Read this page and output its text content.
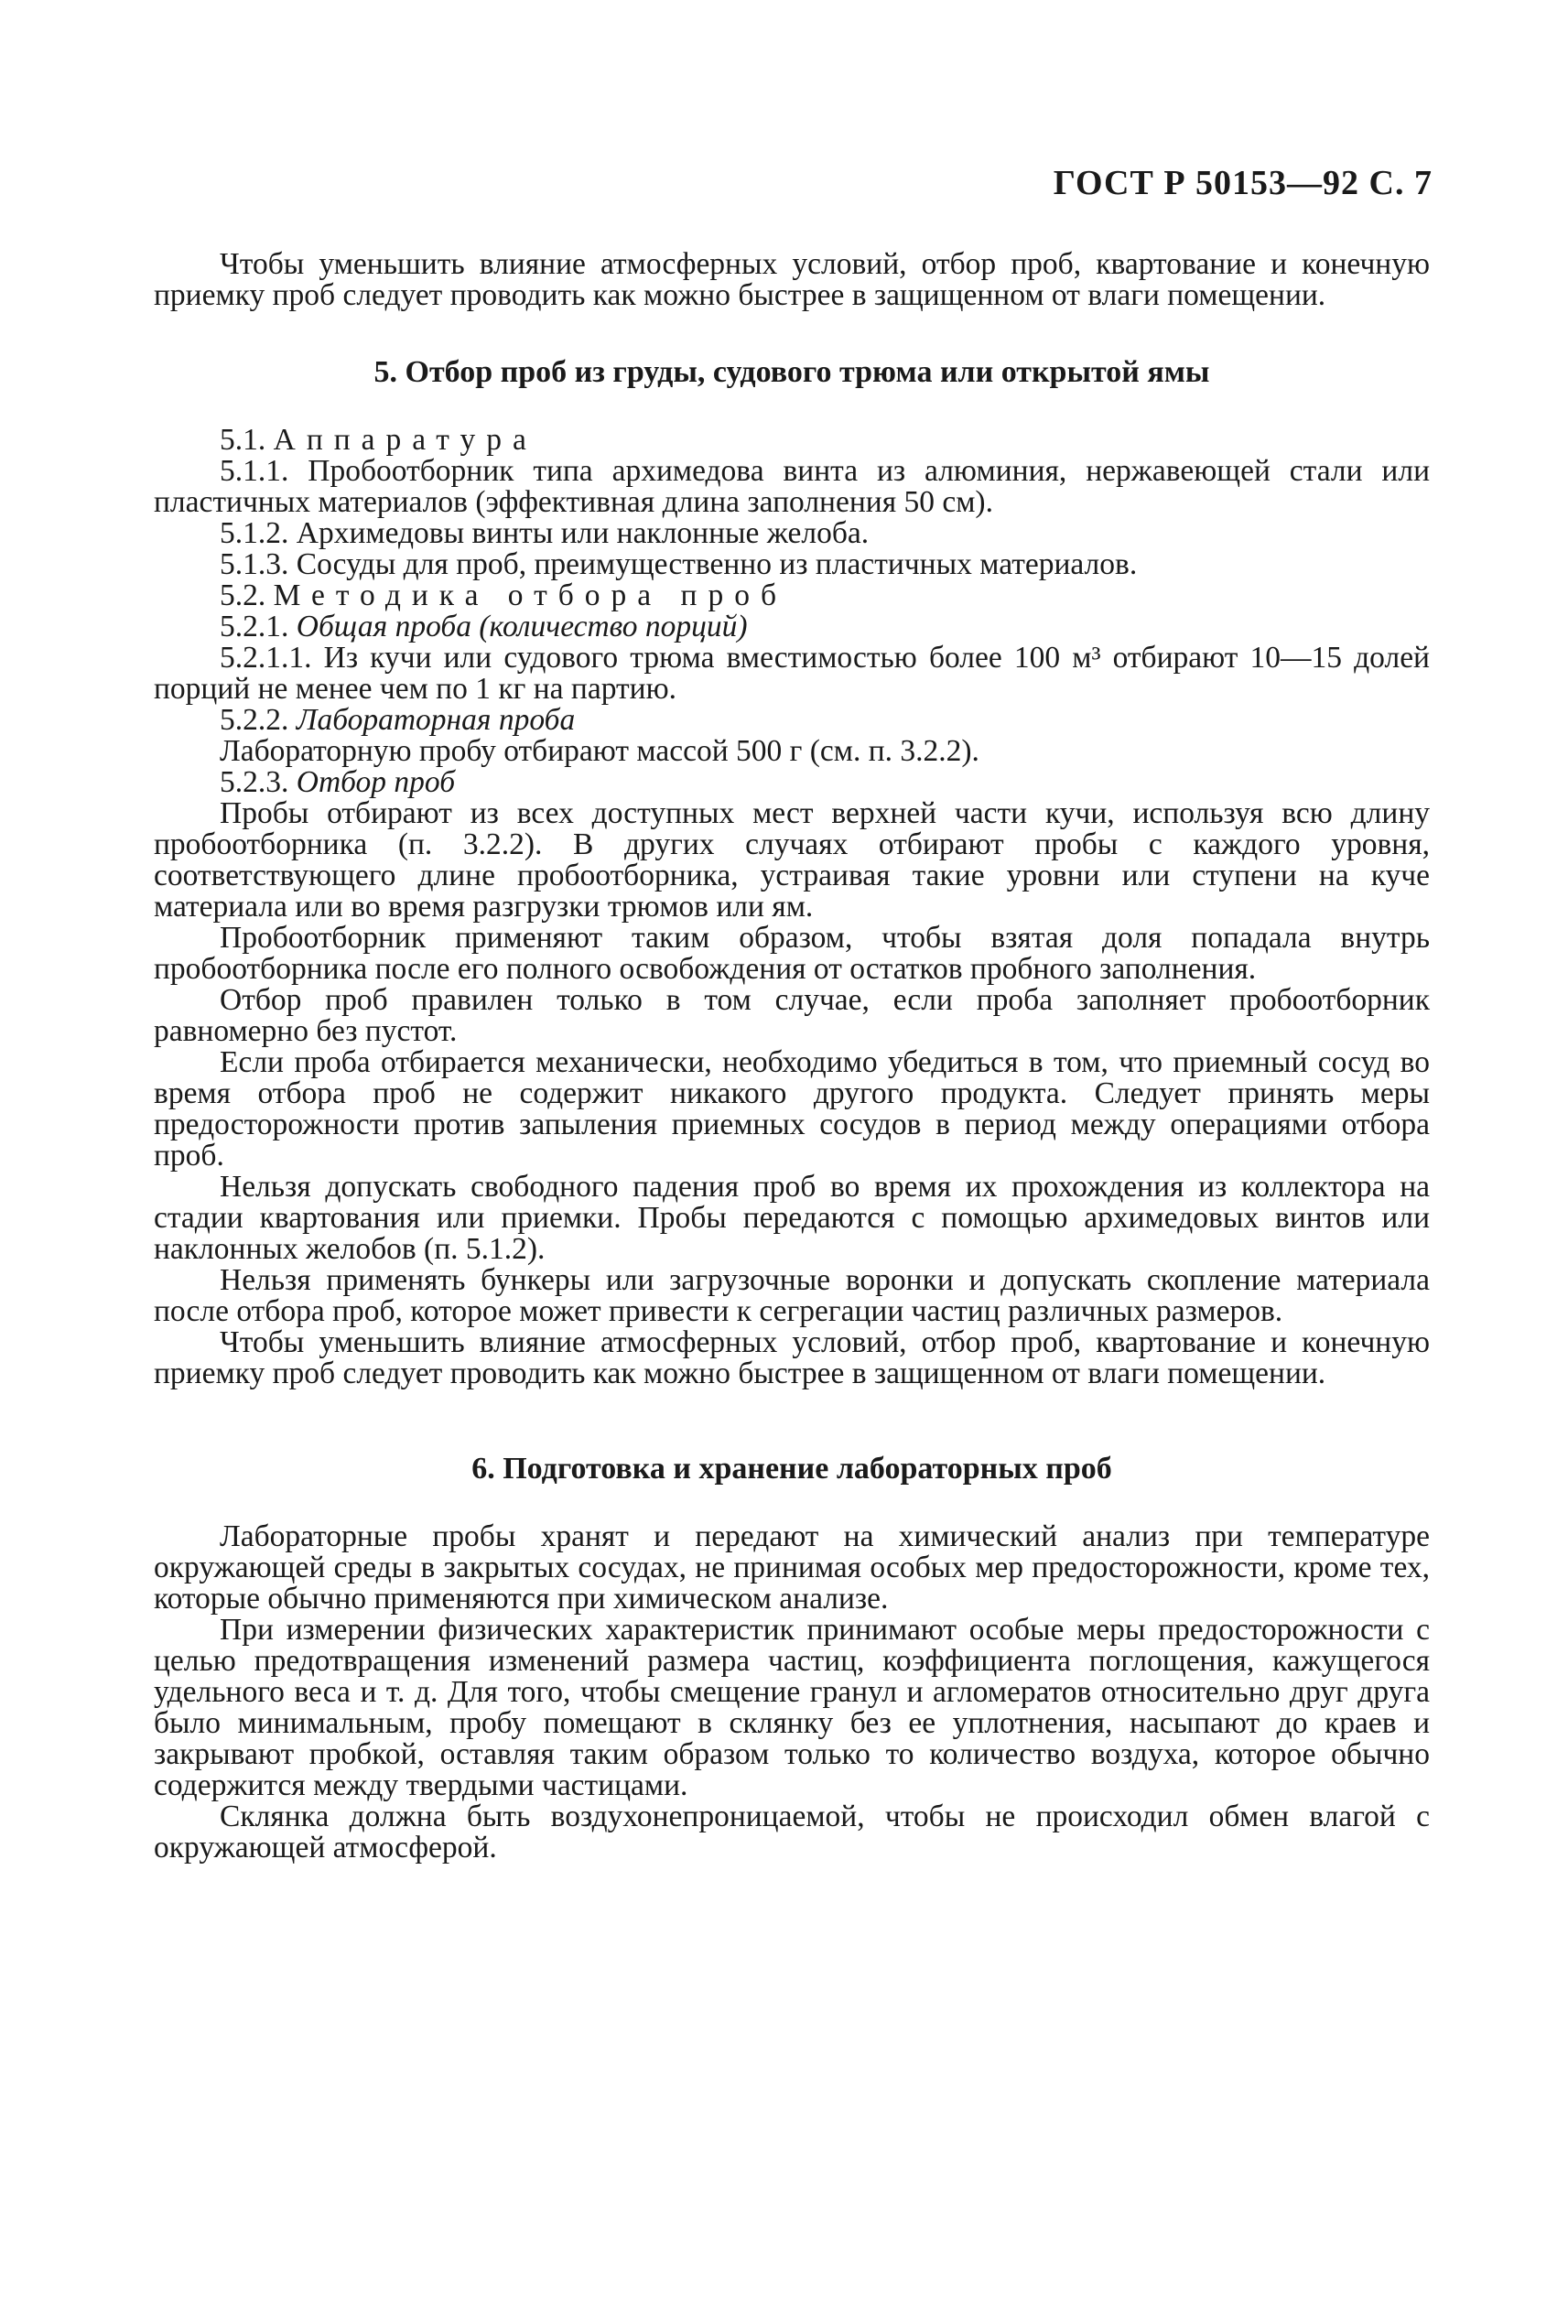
ГОСТ Р 50153—92 С. 7

Чтобы уменьшить влияние атмосферных условий, отбор проб, квартование и конечную приемку проб следует проводить как можно быстрее в защищенном от влаги помещении.

5. Отбор проб из груды, судового трюма или открытой ямы

5.1. Аппаратура

5.1.1. Пробоотборник типа архимедова винта из алюминия, нержавеющей стали или пластичных материалов (эффективная длина заполнения 50 см).

5.1.2. Архимедовы винты или наклонные желоба.

5.1.3. Сосуды для проб, преимущественно из пластичных материалов.

5.2. Методика отбора проб

5.2.1. Общая проба (количество порций)

5.2.1.1. Из кучи или судового трюма вместимостью более 100 м³ отбирают 10—15 долей порций не менее чем по 1 кг на партию.

5.2.2. Лабораторная проба

Лабораторную пробу отбирают массой 500 г (см. п. 3.2.2).

5.2.3. Отбор проб

Пробы отбирают из всех доступных мест верхней части кучи, используя всю длину пробоотборника (п. 3.2.2). В других случаях отбирают пробы с каждого уровня, соответствующего длине пробоотборника, устраивая такие уровни или ступени на куче материала или во время разгрузки трюмов или ям.

Пробоотборник применяют таким образом, чтобы взятая доля попадала внутрь пробоотборника после его полного освобождения от остатков пробного заполнения.

Отбор проб правилен только в том случае, если проба заполняет пробоотборник равномерно без пустот.

Если проба отбирается механически, необходимо убедиться в том, что приемный сосуд во время отбора проб не содержит никакого другого продукта. Следует принять меры предосторожности против запыления приемных сосудов в период между операциями отбора проб.

Нельзя допускать свободного падения проб во время их прохождения из коллектора на стадии квартования или приемки. Пробы передаются с помощью архимедовых винтов или наклонных желобов (п. 5.1.2).

Нельзя применять бункеры или загрузочные воронки и допускать скопление материала после отбора проб, которое может привести к сегрегации частиц различных размеров.

Чтобы уменьшить влияние атмосферных условий, отбор проб, квартование и конечную приемку проб следует проводить как можно быстрее в защищенном от влаги помещении.

6. Подготовка и хранение лабораторных проб

Лабораторные пробы хранят и передают на химический анализ при температуре окружающей среды в закрытых сосудах, не принимая особых мер предосторожности, кроме тех, которые обычно применяются при химическом анализе.

При измерении физических характеристик принимают особые меры предосторожности с целью предотвращения изменений размера частиц, коэффициента поглощения, кажущегося удельного веса и т. д. Для того, чтобы смещение гранул и агломератов относительно друг друга было минимальным, пробу помещают в склянку без ее уплотнения, насыпают до краев и закрывают пробкой, оставляя таким образом только то количество воздуха, которое обычно содержится между твердыми частицами.

Склянка должна быть воздухонепроницаемой, чтобы не происходил обмен влагой с окружающей атмосферой.
